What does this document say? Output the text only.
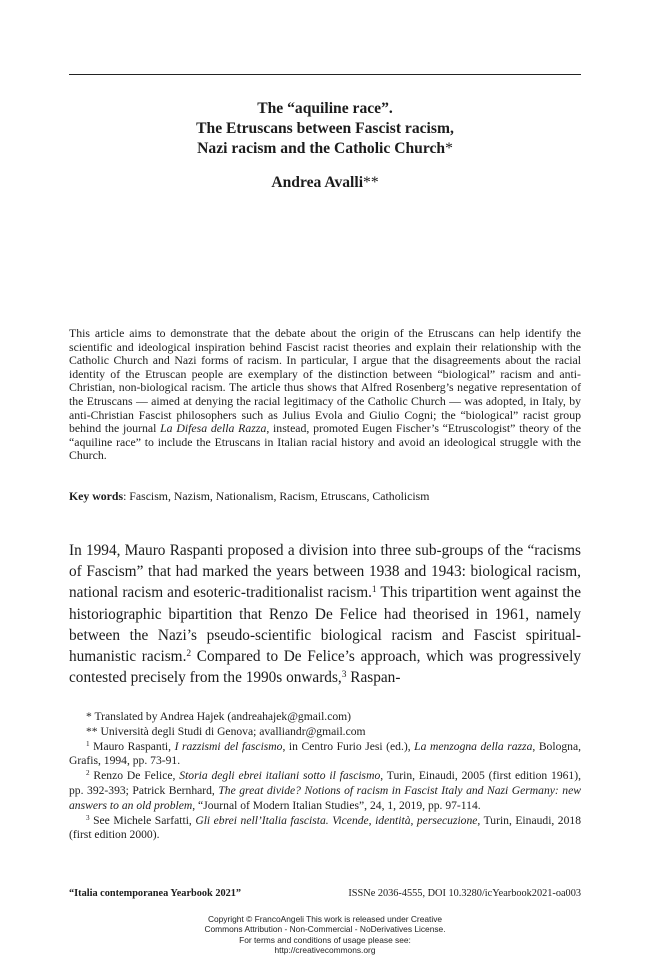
The “aquiline race”.
The Etruscans between Fascist racism,
Nazi racism and the Catholic Church*
Andrea Avalli**

This article aims to demonstrate that the debate about the origin of the Etruscans can help identify the scientific and ideological inspiration behind Fascist racist theories and explain their relationship with the Catholic Church and Nazi forms of racism. In particular, I argue that the disagreements about the racial identity of the Etruscan people are exemplary of the distinction between “biological” racism and anti-Christian, non-biological racism. The article thus shows that Alfred Rosenberg’s negative representation of the Etruscans — aimed at denying the racial legitimacy of the Catholic Church — was adopted, in Italy, by anti-Christian Fascist philosophers such as Julius Evola and Giulio Cogni; the “biological” racist group behind the journal La Difesa della Razza, instead, promoted Eugen Fischer’s “Etruscologist” theory of the “aquiline race” to include the Etruscans in Italian racial history and avoid an ideological struggle with the Church.

Key words: Fascism, Nazism, Nationalism, Racism, Etruscans, Catholicism

In 1994, Mauro Raspanti proposed a division into three sub-groups of the “racisms of Fascism” that had marked the years between 1938 and 1943: biological racism, national racism and esoteric-traditionalist racism.$^1$ This tripartition went against the historiographic bipartition that Renzo De Felice had theorised in 1961, namely between the Nazi’s pseudo-scientific biological racism and Fascist spiritual-humanistic racism.$^2$ Compared to De Felice’s approach, which was progressively contested precisely from the 1990s onwards,$^3$ Raspan-

* Translated by Andrea Hajek (andreahajek@gmail.com)

** Università degli Studi di Genova; avalliandr@gmail.com

$^1$ Mauro Raspanti, I razzismi del fascismo, in Centro Furio Jesi (ed.), La menzogna della razza, Bologna, Grafis, 1994, pp. 73-91.

$^2$ Renzo De Felice, Storia degli ebrei italiani sotto il fascismo, Turin, Einaudi, 2005 (first edition 1961), pp. 392-393; Patrick Bernhard, The great divide? Notions of racism in Fascist Italy and Nazi Germany: new answers to an old problem, “Journal of Modern Italian Studies”, 24, 1, 2019, pp. 97-114.

$^3$ See Michele Sarfatti, Gli ebrei nell’Italia fascista. Vicende, identità, persecuzione, Turin, Einaudi, 2018 (first edition 2000).

“Italia contemporanea Yearbook 2021”	ISSNe 2036-4555, DOI 10.3280/icYearbook2021-oa003
Copyright © FrancoAngeli This work is released under Creative
Commons Attribution - Non-Commercial - NoDerivatives License.
For terms and conditions of usage please see:
http://creativecommons.org
